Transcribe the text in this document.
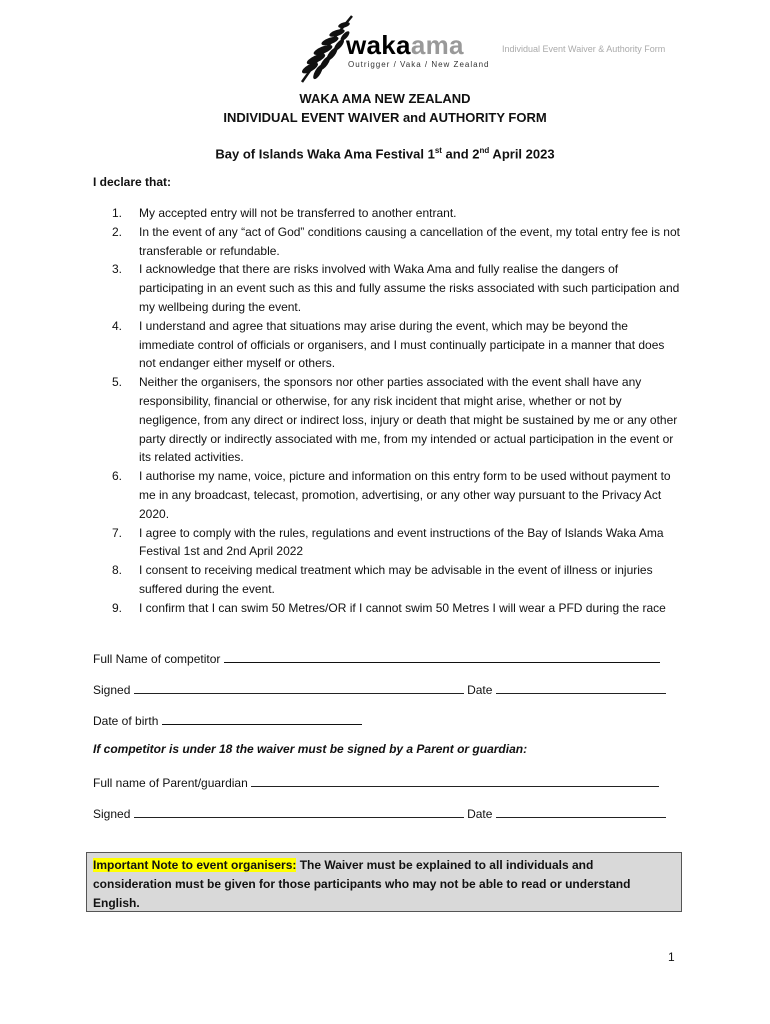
wakaama
Outrigger / Vaka / New Zealand
Individual Event Waiver & Authority Form
WAKA AMA NEW ZEALAND
INDIVIDUAL EVENT WAIVER and AUTHORITY FORM
Bay of Islands Waka Ama Festival 1st and 2nd April 2023
I declare that:
1. My accepted entry will not be transferred to another entrant.
2. In the event of any “act of God” conditions causing a cancellation of the event, my total entry fee is not transferable or refundable.
3. I acknowledge that there are risks involved with Waka Ama and fully realise the dangers of participating in an event such as this and fully assume the risks associated with such participation and my wellbeing during the event.
4. I understand and agree that situations may arise during the event, which may be beyond the immediate control of officials or organisers, and I must continually participate in a manner that does not endanger either myself or others.
5. Neither the organisers, the sponsors nor other parties associated with the event shall have any responsibility, financial or otherwise, for any risk incident that might arise, whether or not by negligence, from any direct or indirect loss, injury or death that might be sustained by me or any other party directly or indirectly associated with me, from my intended or actual participation in the event or its related activities.
6. I authorise my name, voice, picture and information on this entry form to be used without payment to me in any broadcast, telecast, promotion, advertising, or any other way pursuant to the Privacy Act 2020.
7. I agree to comply with the rules, regulations and event instructions of the Bay of Islands Waka Ama Festival 1st and 2nd April 2022
8. I consent to receiving medical treatment which may be advisable in the event of illness or injuries suffered during the event.
9. I confirm that I can swim 50 Metres/OR if I cannot swim 50 Metres I will wear a PFD during the race
Full Name of competitor
Signed	Date
Date of birth
If competitor is under 18 the waiver must be signed by a Parent or guardian:
Full name of Parent/guardian
Signed	Date
Important Note to event organisers: The Waiver must be explained to all individuals and consideration must be given for those participants who may not be able to read or understand English.
1
